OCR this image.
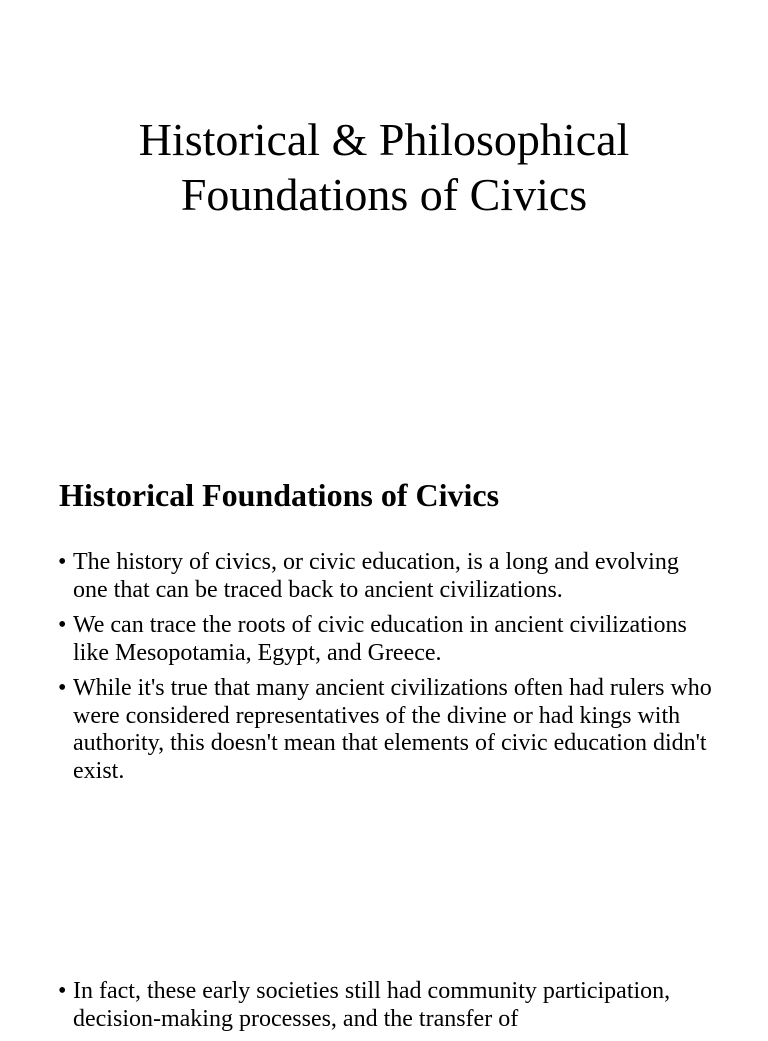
Historical & Philosophical
Foundations of Civics
Historical Foundations of Civics
• The history of civics, or civic education, is a long and evolving one that can be traced back to ancient civilizations.
• We can trace the roots of civic education in ancient civilizations like Mesopotamia, Egypt, and Greece.
• While it's true that many ancient civilizations often had rulers who were considered representatives of the divine or had kings with authority, this doesn't mean that elements of civic education didn't exist.
• In fact, these early societies still had community participation, decision-making processes, and the transfer of
